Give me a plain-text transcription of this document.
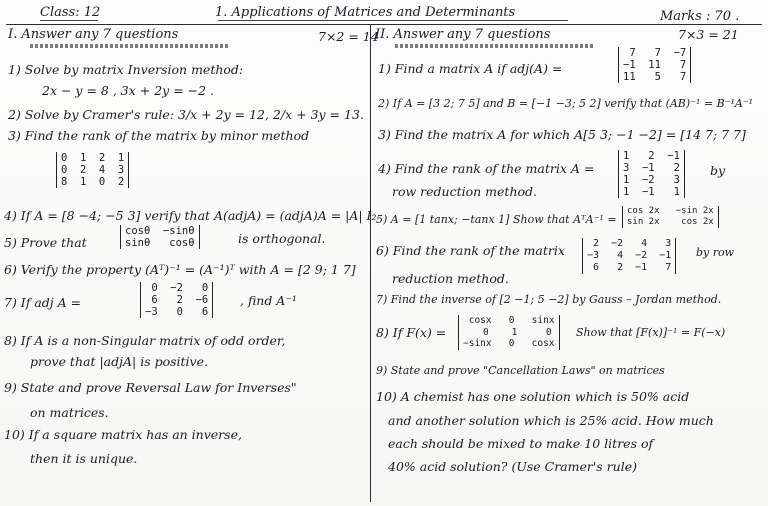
Class: 12	1. Applications of Matrices and Determinants	Marks : 70 .
I. Answer any 7 questions	7×2 = 14
1) Solve by matrix Inversion method:
2x − y = 8 , 3x + 2y = −2 .
2) Solve by Cramer's rule: 3/x + 2y = 12, 2/x + 3y = 13.
3) Find the rank of the matrix by minor method
0  1  2  1
0  2  4  3
8  1  0  2
4) If A = [8 −4; −5 3] verify that A(adjA) = (adjA)A = |A| I₂
5) Prove that
cosθ  −sinθ
sinθ   cosθ	is orthogonal.
6) Verify the property (Aᵀ)⁻¹ = (A⁻¹)ᵀ with A = [2 9; 1 7]
7) If adj A =
0  −2   0
6   2  −6
−3   0   6
, find A⁻¹
8) If A is a non-Singular matrix of odd order,
prove that |adjA| is positive.
9) State and prove Reversal Law for Inverses"
on matrices.
10) If a square matrix has an inverse,
then it is unique.
II. Answer any 7 questions	7×3 = 21
1) Find a matrix A if adj(A) =
7   7  −7
−1  11   7
11   5   7
2) If A = [3 2; 7 5] and B = [−1 −3; 5 2] verify that (AB)⁻¹ = B⁻¹A⁻¹
3) Find the matrix A for which A[5 3; −1 −2] = [14 7; 7 7]
4) Find the rank of the matrix A =
1   2  −1
3  −1   2
1  −2   3
1  −1   1
by
row reduction method.
5) A = [1 tanx; −tanx 1] Show that AᵀA⁻¹ =
cos 2x   −sin 2x
sin 2x    cos 2x
6) Find the rank of the matrix	2  −2   4   3
−3   4  −2  −1
6   2  −1   7
by row
reduction method.
7) Find the inverse of [2 −1; 5 −2] by Gauss – Jordan method.
8) If F(x) =
cosx   0   sinx
0    1     0
−sinx   0   cosx
Show that [F(x)]⁻¹ = F(−x)
9) State and prove "Cancellation Laws" on matrices
10) A chemist has one solution which is 50% acid
and another solution which is 25% acid. How much
each should be mixed to make 10 litres of
40% acid solution? (Use Cramer's rule)
